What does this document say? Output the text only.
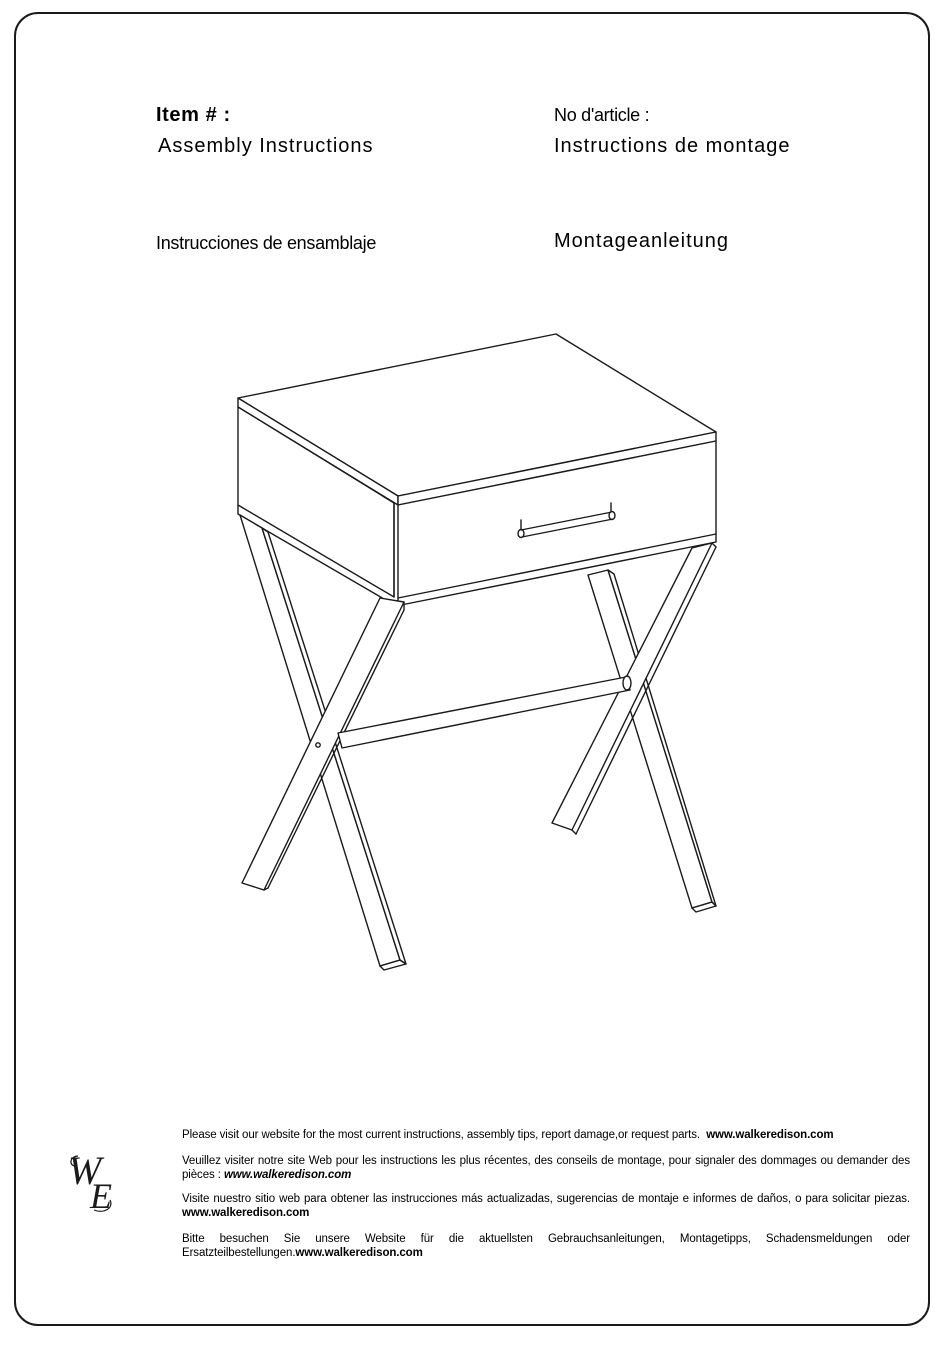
Item # :
Assembly Instructions
No d'article :
Instructions de montage
Instrucciones de ensamblaje	Montageanleitung
W
E
Please visit our website for the most current instructions, assembly tips, report damage,or request parts. www.walkeredison.com
Veuillez visiter notre site Web pour les instructions les plus récentes, des conseils de montage, pour signaler des dommages ou demander des pièces : www.walkeredison.com
Visite nuestro sitio web para obtener las instrucciones más actualizadas, sugerencias de montaje e informes de daños, o para solicitar piezas. www.walkeredison.com
Bitte besuchen Sie unsere Website für die aktuellsten Gebrauchsanleitungen, Montagetipps, Schadensmeldungen oder Ersatzteilbestellungen.www.walkeredison.com
